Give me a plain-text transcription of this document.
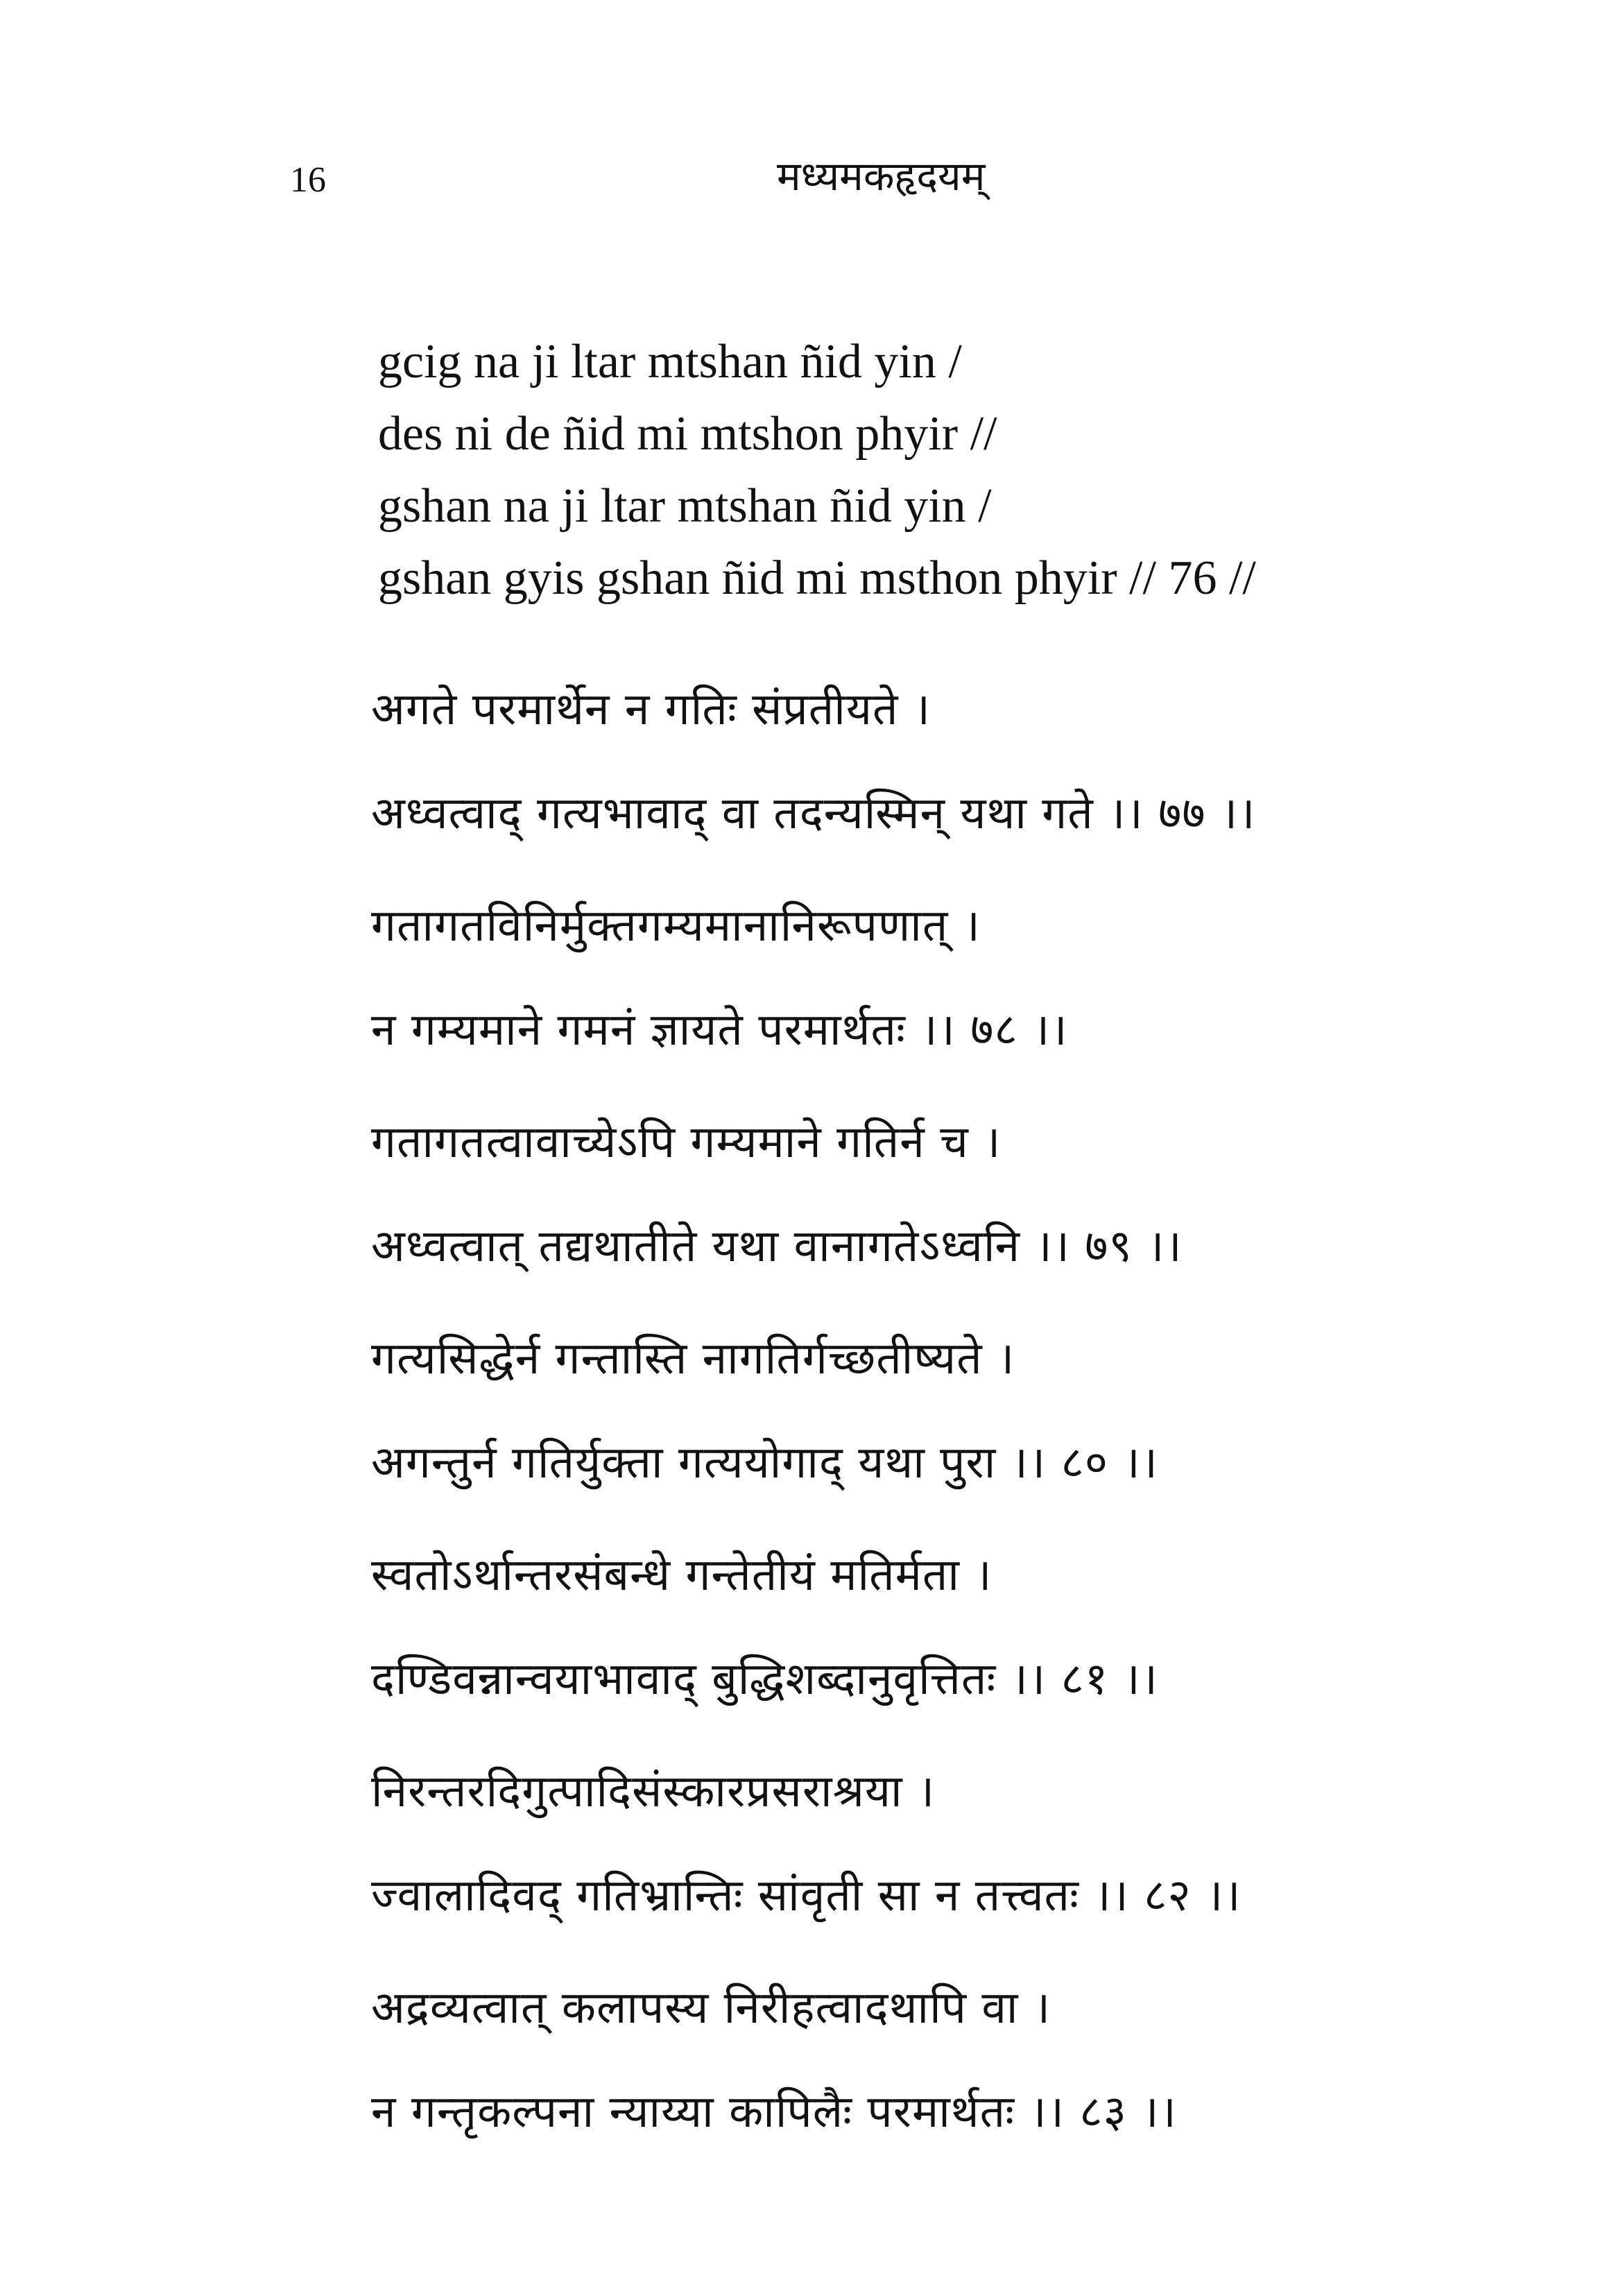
16	मध्यमकहृदयम्
gcig na ji ltar mtshan ñid yin /
des ni de ñid mi mtshon phyir //
gshan na ji ltar mtshan ñid yin /
gshan gyis gshan ñid mi msthon phyir // 76 //
अगते परमार्थेन न गतिः संप्रतीयते ।
अध्वत्वाद् गत्यभावाद् वा तदन्यस्मिन् यथा गते ।। ७७ ।।
गतागतविनिर्मुक्तगम्यमानानिरूपणात् ।
न गम्यमाने गमनं ज्ञायते परमार्थतः ।। ७८ ।।
गतागतत्वावाच्येऽपि गम्यमाने गतिर्न च ।
अध्वत्वात् तद्यथातीते यथा वानागतेऽध्वनि ।। ७९ ।।
गत्यसिद्धेर्न गन्तास्ति नागतिर्गच्छतीष्यते ।
अगन्तुर्न गतिर्युक्ता गत्ययोगाद् यथा पुरा ।। ८० ।।
स्वतोऽर्थान्तरसंबन्धे गन्तेतीयं मतिर्मता ।
दण्डिवन्नान्वयाभावाद् बुद्धिशब्दानुवृत्तितः ।। ८१ ।।
निरन्तरदिगुत्पादिसंस्कारप्रसराश्रया ।
ज्वालादिवद् गतिभ्रान्तिः सांवृती सा न तत्त्वतः ।। ८२ ।।
अद्रव्यत्वात् कलापस्य निरीहत्वादथापि वा ।
न गन्तृकल्पना न्याय्या कापिलैः परमार्थतः ।। ८३ ।।
